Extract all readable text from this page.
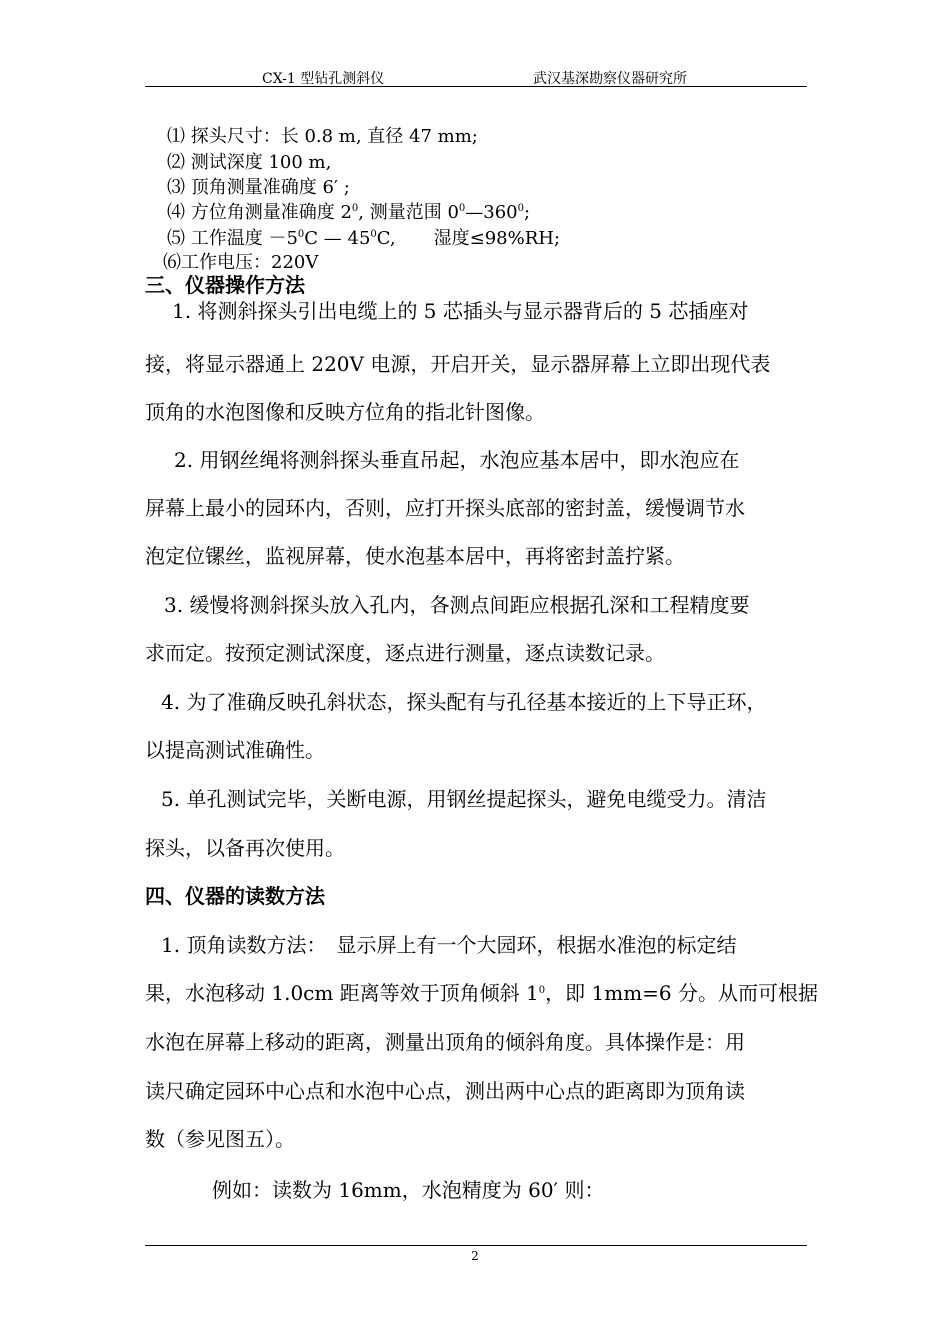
CX-1 型钻孔测斜仪	武汉基深勘察仪器研究所
⑴ 探头尺寸：长 0.8 m, 直径 47 mm;
⑵ 测试深度 100 m,
⑶ 顶角测量准确度 6′ ;
⑷ 方位角测量准确度 $2^0$, 测量范围 $0^0—360^0$;
⑸ 工作温度 $-5^0C$ — $45^0C$, 湿度≤98%RH;
⑹工作电压：220V
三、仪器操作方法
1. 将测斜探头引出电缆上的 5 芯插头与显示器背后的 5 芯插座对
接，将显示器通上 220V 电源，开启开关，显示器屏幕上立即出现代表
顶角的水泡图像和反映方位角的指北针图像。
2. 用钢丝绳将测斜探头垂直吊起，水泡应基本居中，即水泡应在
屏幕上最小的园环内，否则，应打开探头底部的密封盖，缓慢调节水
泡定位镙丝，监视屏幕，使水泡基本居中，再将密封盖拧紧。
3. 缓慢将测斜探头放入孔内，各测点间距应根据孔深和工程精度要
求而定。按预定测试深度，逐点进行测量，逐点读数记录。
4. 为了准确反映孔斜状态，探头配有与孔径基本接近的上下导正环，
以提高测试准确性。
5. 单孔测试完毕，关断电源，用钢丝提起探头，避免电缆受力。清洁
探头，以备再次使用。
四、仪器的读数方法
1. 顶角读数方法：　显示屏上有一个大园环，根据水准泡的标定结
果，水泡移动 1.0cm 距离等效于顶角倾斜 $1^0$，即 1mm=6 分。从而可根据
水泡在屏幕上移动的距离，测量出顶角的倾斜角度。具体操作是：用
读尺确定园环中心点和水泡中心点，测出两中心点的距离即为顶角读
数（参见图五）。
例如：读数为 16mm，水泡精度为 60′ 则：
2
